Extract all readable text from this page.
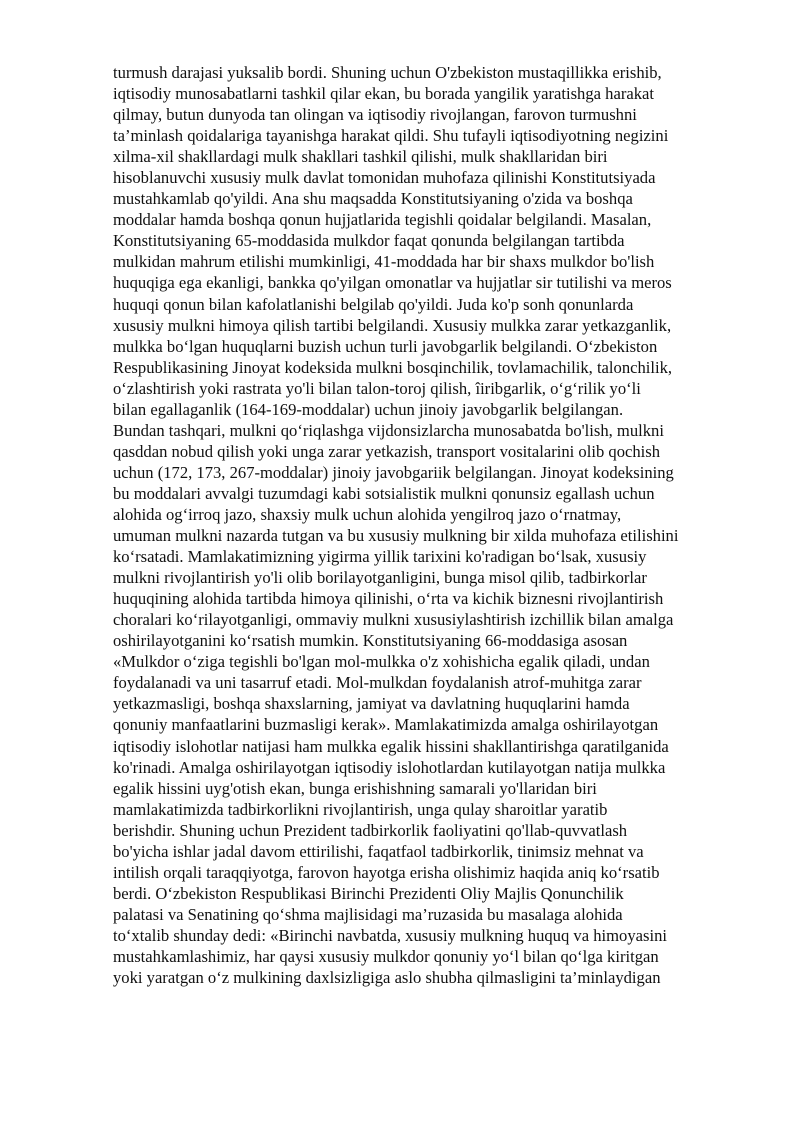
turmush darajasi yuksalib bordi. Shuning uchun O'zbekiston mustaqillikka erishib,
iqtisodiy munosabatlarni tashkil qilar ekan, bu borada yangilik yaratishga harakat
qilmay, butun dunyoda tan olingan va iqtisodiy rivojlangan, farovon turmushni
ta’minlash qoidalariga tayanishga harakat qildi. Shu tufayli iqtisodiyotning negizini
xilma-xil shakllardagi mulk shakllari tashkil qilishi, mulk shakllaridan biri
hisoblanuvchi xususiy mulk davlat tomonidan muhofaza qilinishi Konstitutsiyada
mustahkamlab qo'yildi. Ana shu maqsadda Konstitutsiyaning o'zida va boshqa
moddalar hamda boshqa qonun hujjatlarida tegishli qoidalar belgilandi. Masalan,
Konstitutsiyaning 65-moddasida mulkdor faqat qonunda belgilangan tartibda
mulkidan mahrum etilishi mumkinligi, 41-moddada har bir shaxs mulkdor bo'lish
huquqiga ega ekanligi, bankka qo'yilgan omonatlar va hujjatlar sir tutilishi va meros
huquqi qonun bilan kafolatlanishi belgilab qo'yildi. Juda ko'p sonh qonunlarda
xususiy mulkni himoya qilish tartibi belgilandi. Xususiy mulkka zarar yetkazganlik,
mulkka bo‘lgan huquqlarni buzish uchun turli javobgarlik belgilandi. O‘zbekiston
Respublikasining Jinoyat kodeksida mulkni bosqinchilik, tovlamachilik, talonchilik,
o‘zlashtirish yoki rastrata yo'li bilan talon-toroj qilish, îiribgarlik, o‘g‘rilik yo‘li
bilan egallaganlik (164-169-moddalar) uchun jinoiy javobgarlik belgilangan.
Bundan tashqari, mulkni qo‘riqlashga vijdonsizlarcha munosabatda bo'lish, mulkni
qasddan nobud qilish yoki unga zarar yetkazish, transport vositalarini olib qochish
uchun (172, 173, 267-moddalar) jinoiy javobgariik belgilangan. Jinoyat kodeksining
bu moddalari avvalgi tuzumdagi kabi sotsialistik mulkni qonunsiz egallash uchun
alohida og‘irroq jazo, shaxsiy mulk uchun alohida yengilroq jazo o‘rnatmay,
umuman mulkni nazarda tutgan va bu xususiy mulkning bir xilda muhofaza etilishini
ko‘rsatadi. Mamlakatimizning yigirma yillik tarixini ko'radigan bo‘lsak, xususiy
mulkni rivojlantirish yo'li olib borilayotganligini, bunga misol qilib, tadbirkorlar
huquqining alohida tartibda himoya qilinishi, o‘rta va kichik biznesni rivojlantirish
choralari ko‘rilayotganligi, ommaviy mulkni xususiylashtirish izchillik bilan amalga
oshirilayotganini ko‘rsatish mumkin. Konstitutsiyaning 66-moddasiga asosan
«Mulkdor o‘ziga tegishli bo'lgan mol-mulkka o'z xohishicha egalik qiladi, undan
foydalanadi va uni tasarruf etadi. Mol-mulkdan foydalanish atrof-muhitga zarar
yetkazmasligi, boshqa shaxslarning, jamiyat va davlatning huquqlarini hamda
qonuniy manfaatlarini buzmasligi kerak». Mamlakatimizda amalga oshirilayotgan
iqtisodiy islohotlar natijasi ham mulkka egalik hissini shakllantirishga qaratilganida
ko'rinadi. Amalga oshirilayotgan iqtisodiy islohotlardan kutilayotgan natija mulkka
egalik hissini uyg'otish ekan, bunga erishishning samarali yo'llaridan biri
mamlakatimizda tadbirkorlikni rivojlantirish, unga qulay sharoitlar yaratib
berishdir. Shuning uchun Prezident tadbirkorlik faoliyatini qo'llab-quvvatlash
bo'yicha ishlar jadal davom ettirilishi, faqatfaol tadbirkorlik, tinimsiz mehnat va
intilish orqali taraqqiyotga, farovon hayotga erisha olishimiz haqida aniq ko‘rsatib
berdi. O‘zbekiston Respublikasi Birinchi Prezidenti Oliy Majlis Qonunchilik
palatasi va Senatining qo‘shma majlisidagi ma’ruzasida bu masalaga alohida
to‘xtalib shunday dedi: «Birinchi navbatda, xususiy mulkning huquq va himoyasini
mustahkamlashimiz, har qaysi xususiy mulkdor qonuniy yo‘l bilan qo‘lga kiritgan
yoki yaratgan o‘z mulkining daxlsizligiga aslo shubha qilmasligini ta’minlaydigan
